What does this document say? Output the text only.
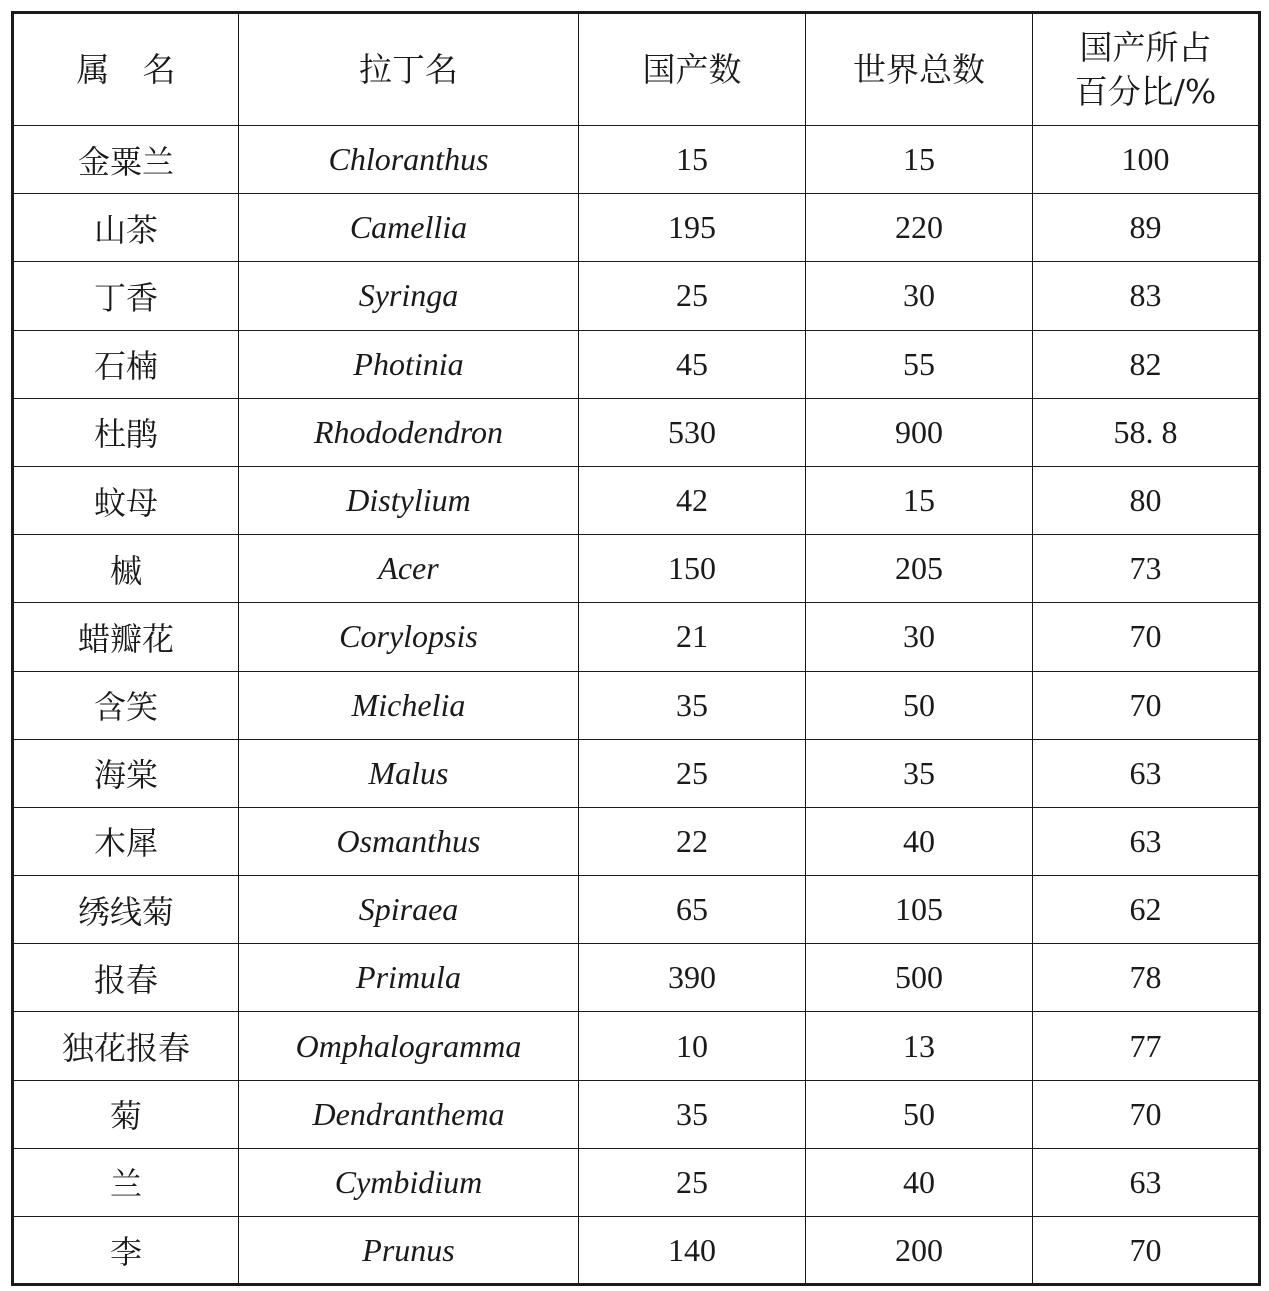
属　名	拉丁名	国产数	世界总数	国产所占
百分比/%

金粟兰	Chloranthus	15	15	100
山茶	Camellia	195	220	89
丁香	Syringa	25	30	83
石楠	Photinia	45	55	82
杜鹃	Rhododendron	530	900	58. 8
蚊母	Distylium	42	15	80
槭	Acer	150	205	73
蜡瓣花	Corylopsis	21	30	70
含笑	Michelia	35	50	70
海棠	Malus	25	35	63
木犀	Osmanthus	22	40	63
绣线菊	Spiraea	65	105	62
报春	Primula	390	500	78
独花报春	Omphalogramma	10	13	77
菊	Dendranthema	35	50	70
兰	Cymbidium	25	40	63
李	Prunus	140	200	70
